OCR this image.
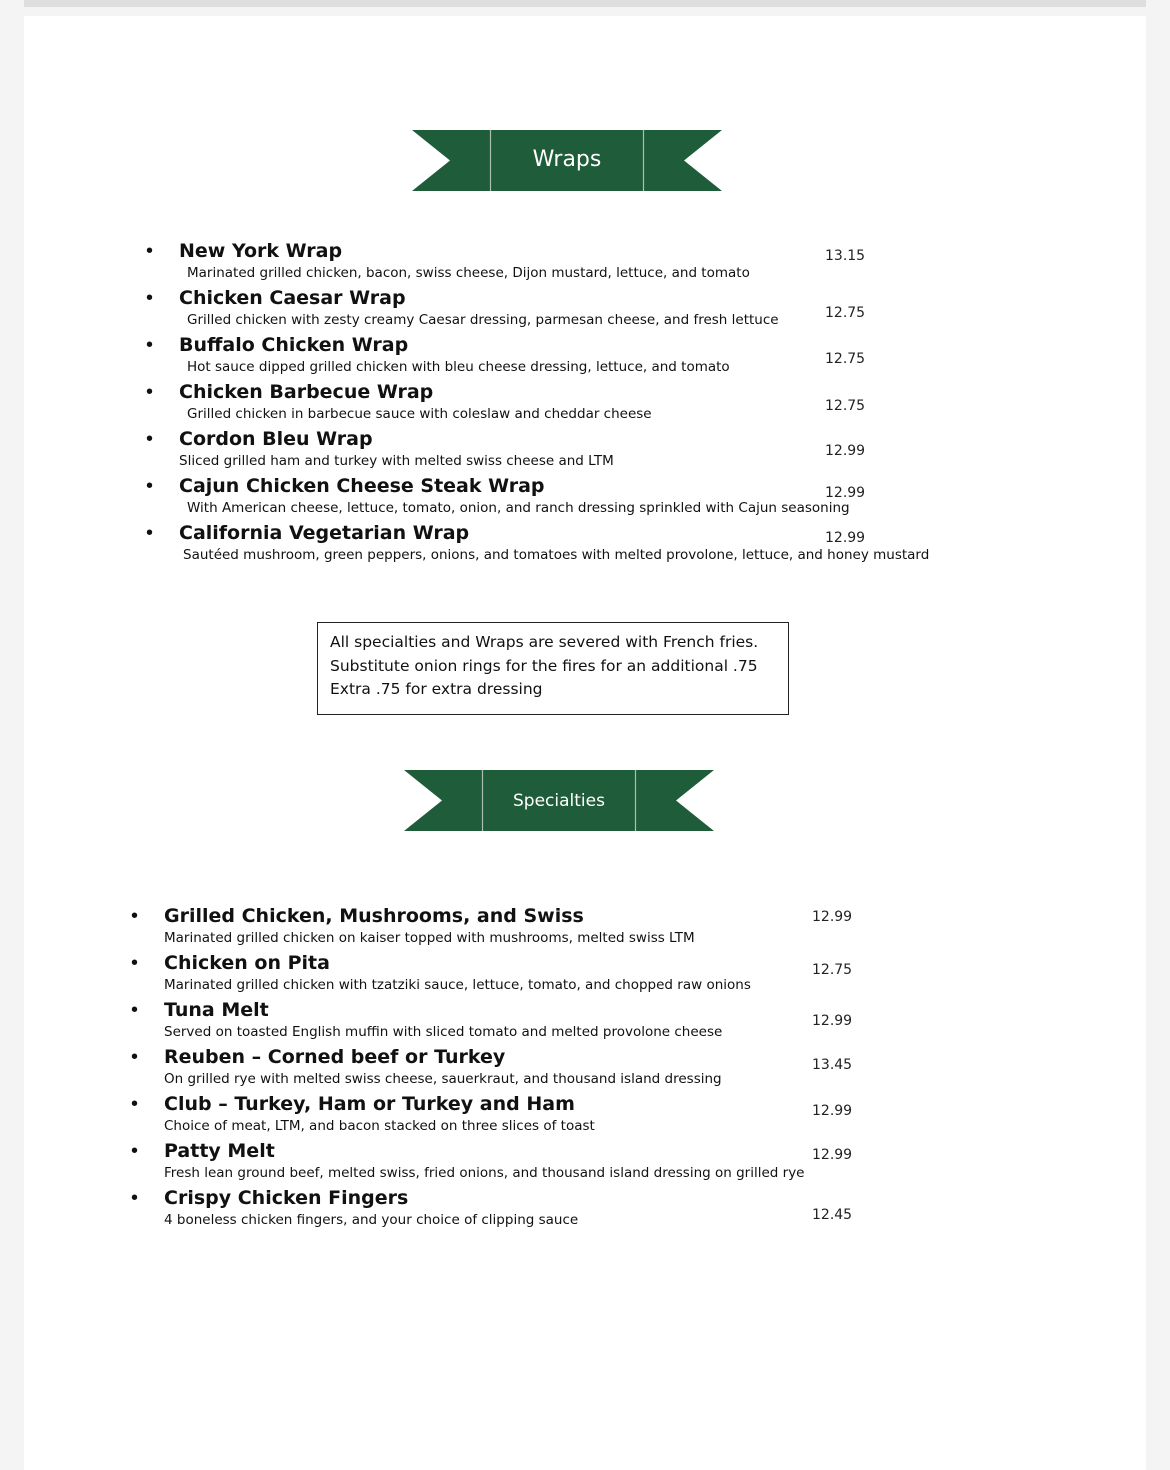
Wraps
• New York Wrap
Marinated grilled chicken, bacon, swiss cheese, Dijon mustard, lettuce, and tomato
13.15
• Chicken Caesar Wrap
Grilled chicken with zesty creamy Caesar dressing, parmesan cheese, and fresh lettuce	12.75
• Buffalo Chicken Wrap
Hot sauce dipped grilled chicken with bleu cheese dressing, lettuce, and tomato	12.75
• Chicken Barbecue Wrap
Grilled chicken in barbecue sauce with coleslaw and cheddar cheese	12.75
• Cordon Bleu Wrap
Sliced grilled ham and turkey with melted swiss cheese and LTM
12.99
• Cajun Chicken Cheese Steak Wrap
With American cheese, lettuce, tomato, onion, and ranch dressing sprinkled with Cajun seasoning
12.99
• California Vegetarian Wrap
Sautéed mushroom, green peppers, onions, and tomatoes with melted provolone, lettuce, and honey mustard
12.99
All specialties and Wraps are severed with French fries.
Substitute onion rings for the fires for an additional .75
Extra .75 for extra dressing
Specialties
• Grilled Chicken, Mushrooms, and Swiss
Marinated grilled chicken on kaiser topped with mushrooms, melted swiss LTM
12.99
• Chicken on Pita
Marinated grilled chicken with tzatziki sauce, lettuce, tomato, and chopped raw onions
12.75
• Tuna Melt
Served on toasted English muffin with sliced tomato and melted provolone cheese
12.99
• Reuben – Corned beef or Turkey
On grilled rye with melted swiss cheese, sauerkraut, and thousand island dressing
13.45
• Club – Turkey, Ham or Turkey and Ham
Choice of meat, LTM, and bacon stacked on three slices of toast
12.99
• Patty Melt
Fresh lean ground beef, melted swiss, fried onions, and thousand island dressing on grilled rye
12.99
• Crispy Chicken Fingers
4 boneless chicken fingers, and your choice of clipping sauce	12.45
